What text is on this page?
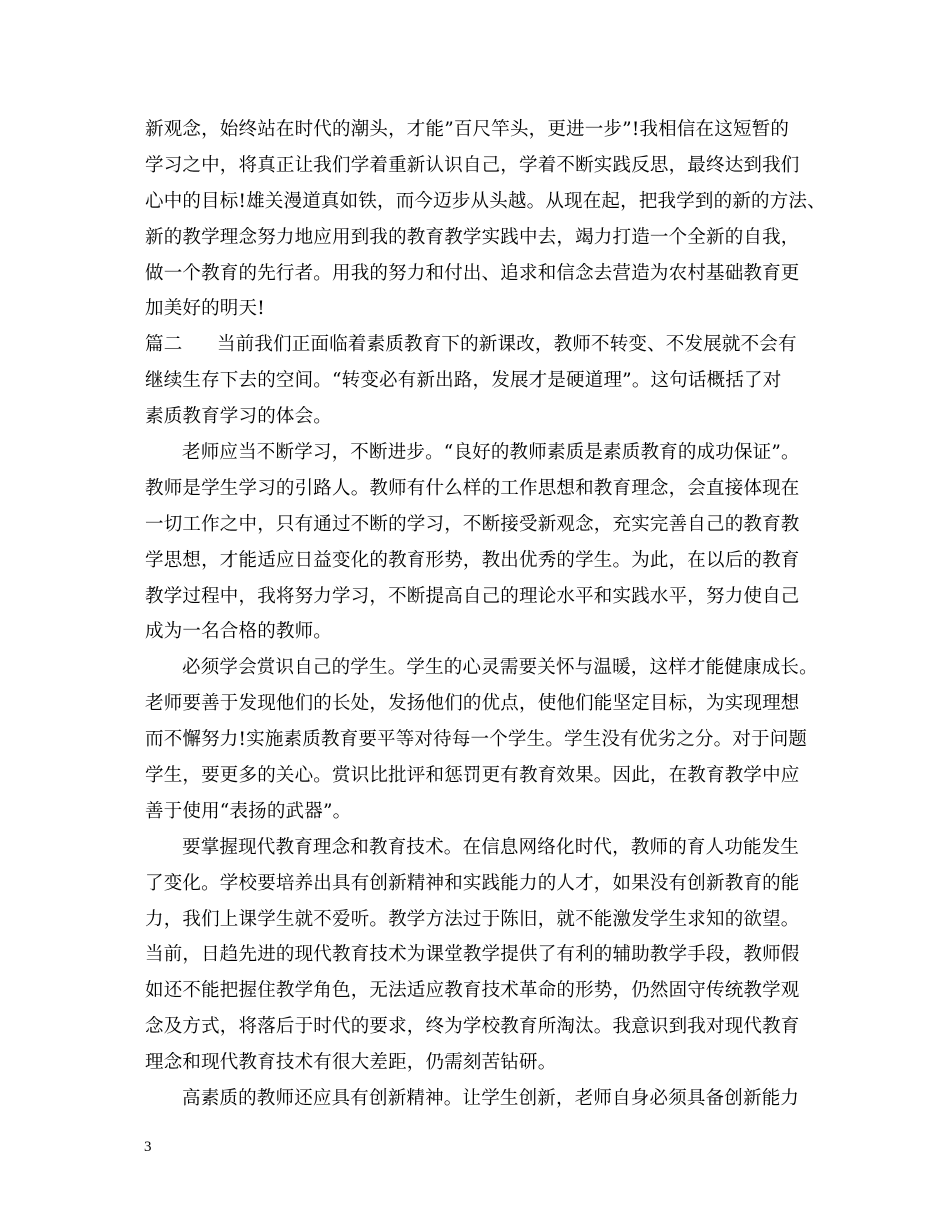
新观念，始终站在时代的潮头，才能”百尺竿头，更进一步”!我相信在这短暂的
学习之中，将真正让我们学着重新认识自己，学着不断实践反思，最终达到我们
心中的目标!雄关漫道真如铁，而今迈步从头越。从现在起，把我学到的新的方法、
新的教学理念努力地应用到我的教育教学实践中去，竭力打造一个全新的自我，
做一个教育的先行者。用我的努力和付出、追求和信念去营造为农村基础教育更
加美好的明天!
篇二 当前我们正面临着素质教育下的新课改，教师不转变、不发展就不会有
继续生存下去的空间。“转变必有新出路，发展才是硬道理”。这句话概括了对
素质教育学习的体会。
老师应当不断学习，不断进步。“良好的教师素质是素质教育的成功保证”。
教师是学生学习的引路人。教师有什么样的工作思想和教育理念，会直接体现在
一切工作之中，只有通过不断的学习，不断接受新观念，充实完善自己的教育教
学思想，才能适应日益变化的教育形势，教出优秀的学生。为此，在以后的教育
教学过程中，我将努力学习，不断提高自己的理论水平和实践水平，努力使自己
成为一名合格的教师。
必须学会赏识自己的学生。学生的心灵需要关怀与温暖，这样才能健康成长。
老师要善于发现他们的长处，发扬他们的优点，使他们能坚定目标，为实现理想
而不懈努力!实施素质教育要平等对待每一个学生。学生没有优劣之分。对于问题
学生，要更多的关心。赏识比批评和惩罚更有教育效果。因此，在教育教学中应
善于使用“表扬的武器”。
要掌握现代教育理念和教育技术。在信息网络化时代，教师的育人功能发生
了变化。学校要培养出具有创新精神和实践能力的人才，如果没有创新教育的能
力，我们上课学生就不爱听。教学方法过于陈旧，就不能激发学生求知的欲望。
当前，日趋先进的现代教育技术为课堂教学提供了有利的辅助教学手段，教师假
如还不能把握住教学角色，无法适应教育技术革命的形势，仍然固守传统教学观
念及方式，将落后于时代的要求，终为学校教育所淘汰。我意识到我对现代教育
理念和现代教育技术有很大差距，仍需刻苦钻研。
高素质的教师还应具有创新精神。让学生创新，老师自身必须具备创新能力
3
